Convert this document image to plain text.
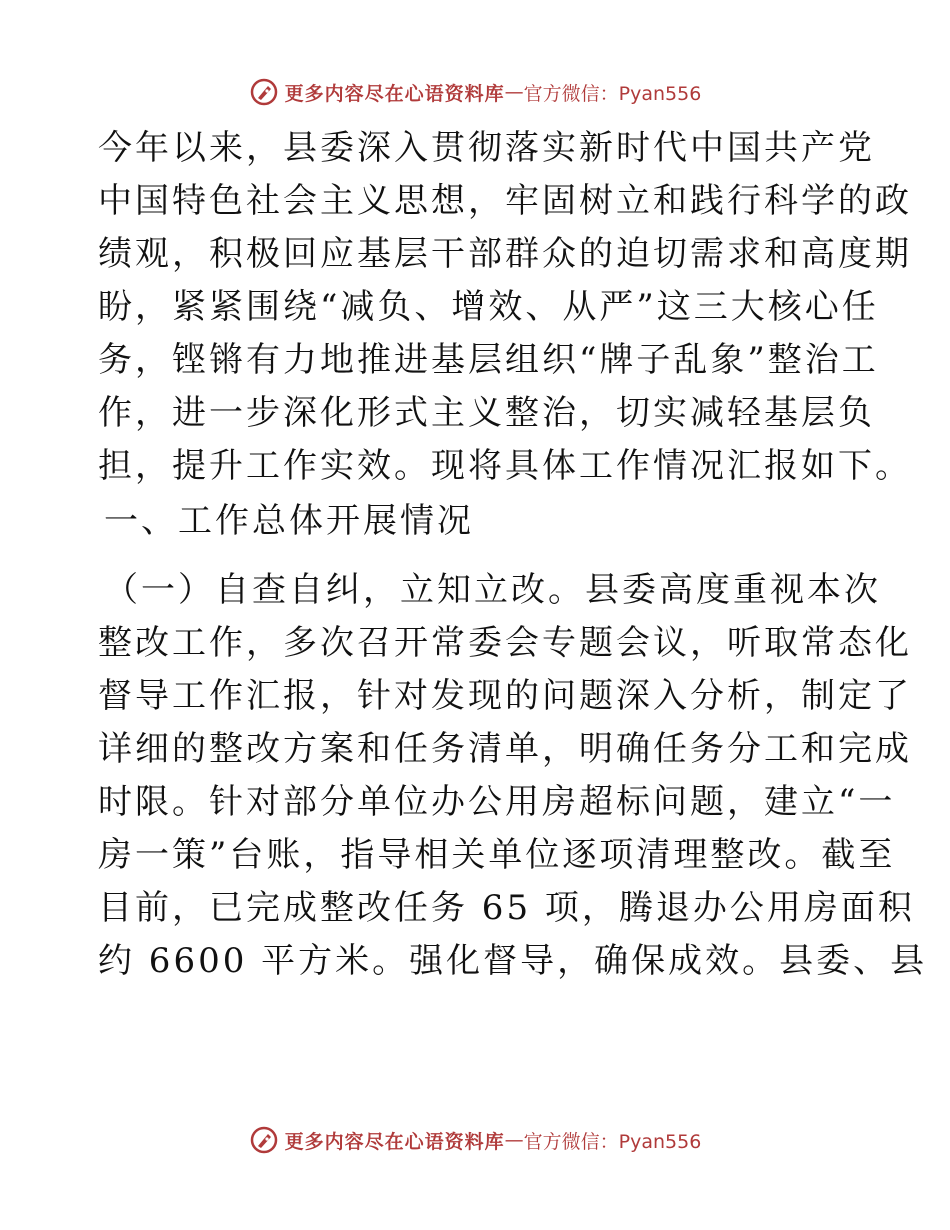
更多内容尽在心语资料库 — 官方微信：Pyan556
今年以来，县委深入贯彻落实新时代中国共产党
中国特色社会主义思想，牢固树立和践行科学的政
绩观，积极回应基层干部群众的迫切需求和高度期
盼，紧紧围绕“减负、增效、从严”这三大核心任
务，铿锵有力地推进基层组织“牌子乱象”整治工
作，进一步深化形式主义整治，切实减轻基层负
担，提升工作实效。现将具体工作情况汇报如下。
一、工作总体开展情况
（一）自查自纠，立知立改。县委高度重视本次
整改工作，多次召开常委会专题会议，听取常态化
督导工作汇报，针对发现的问题深入分析，制定了
详细的整改方案和任务清单，明确任务分工和完成
时限。针对部分单位办公用房超标问题，建立“一
房一策”台账，指导相关单位逐项清理整改。截至
目前，已完成整改任务 65 项，腾退办公用房面积
约 6600 平方米。强化督导，确保成效。县委、县
更多内容尽在心语资料库 — 官方微信：Pyan556
